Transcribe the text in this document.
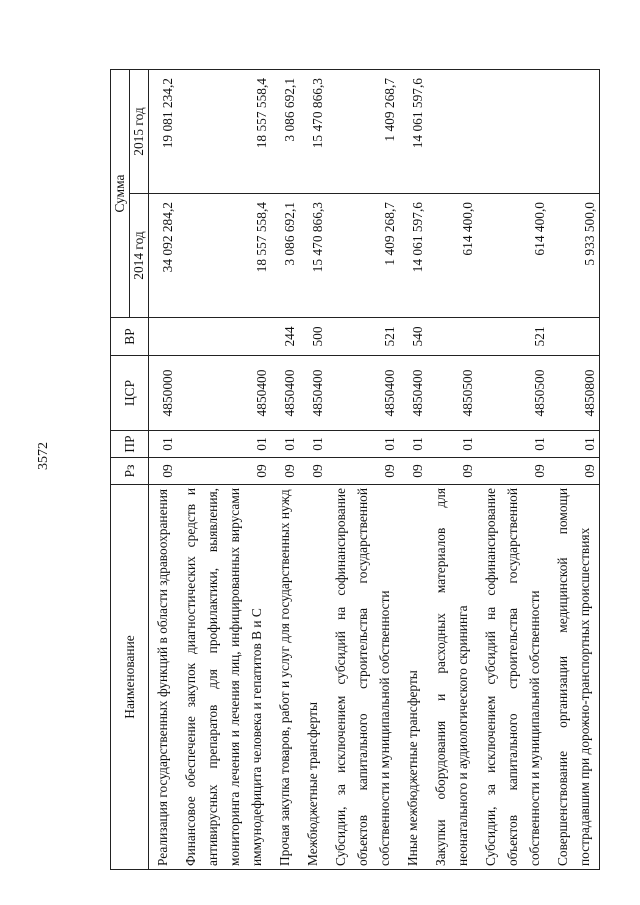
3572
Наименование	Рз	ПР	ЦСР	ВР	Сумма	
					2014 год	2015 год
Реализация государственных функций в области здравоохранения	09	01	4850000		34 092 284,2	19 081 234,2
Финансовое обеспечение закупок диагностических средств и антивирусных препаратов для профилактики, выявления, мониторинга лечения и лечения лиц, инфицированных вирусами иммунодефицита человека и гепатитов В и С	09	01	4850400		18 557 558,4	18 557 558,4
Прочая закупка товаров, работ и услуг для государственных нужд	09	01	4850400	244	3 086 692,1	3 086 692,1
Межбюджетные трансферты	09	01	4850400	500	15 470 866,3	15 470 866,3
Субсидии, за исключением субсидий на софинансирование объектов капитального строительства государственной собственности и муниципальной собственности	09	01	4850400	521	1 409 268,7	1 409 268,7
Иные межбюджетные трансферты	09	01	4850400	540	14 061 597,6	14 061 597,6
Закупки оборудования и расходных материалов для неонатального и аудиологического скрининга	09	01	4850500		614 400,0	
Субсидии, за исключением субсидий на софинансирование объектов капитального строительства государственной собственности и муниципальной собственности	09	01	4850500	521	614 400,0	
Совершенствование организации медицинской помощи пострадавшим при дорожно-транспортных происшествиях	09	01	4850800		5 933 500,0	
